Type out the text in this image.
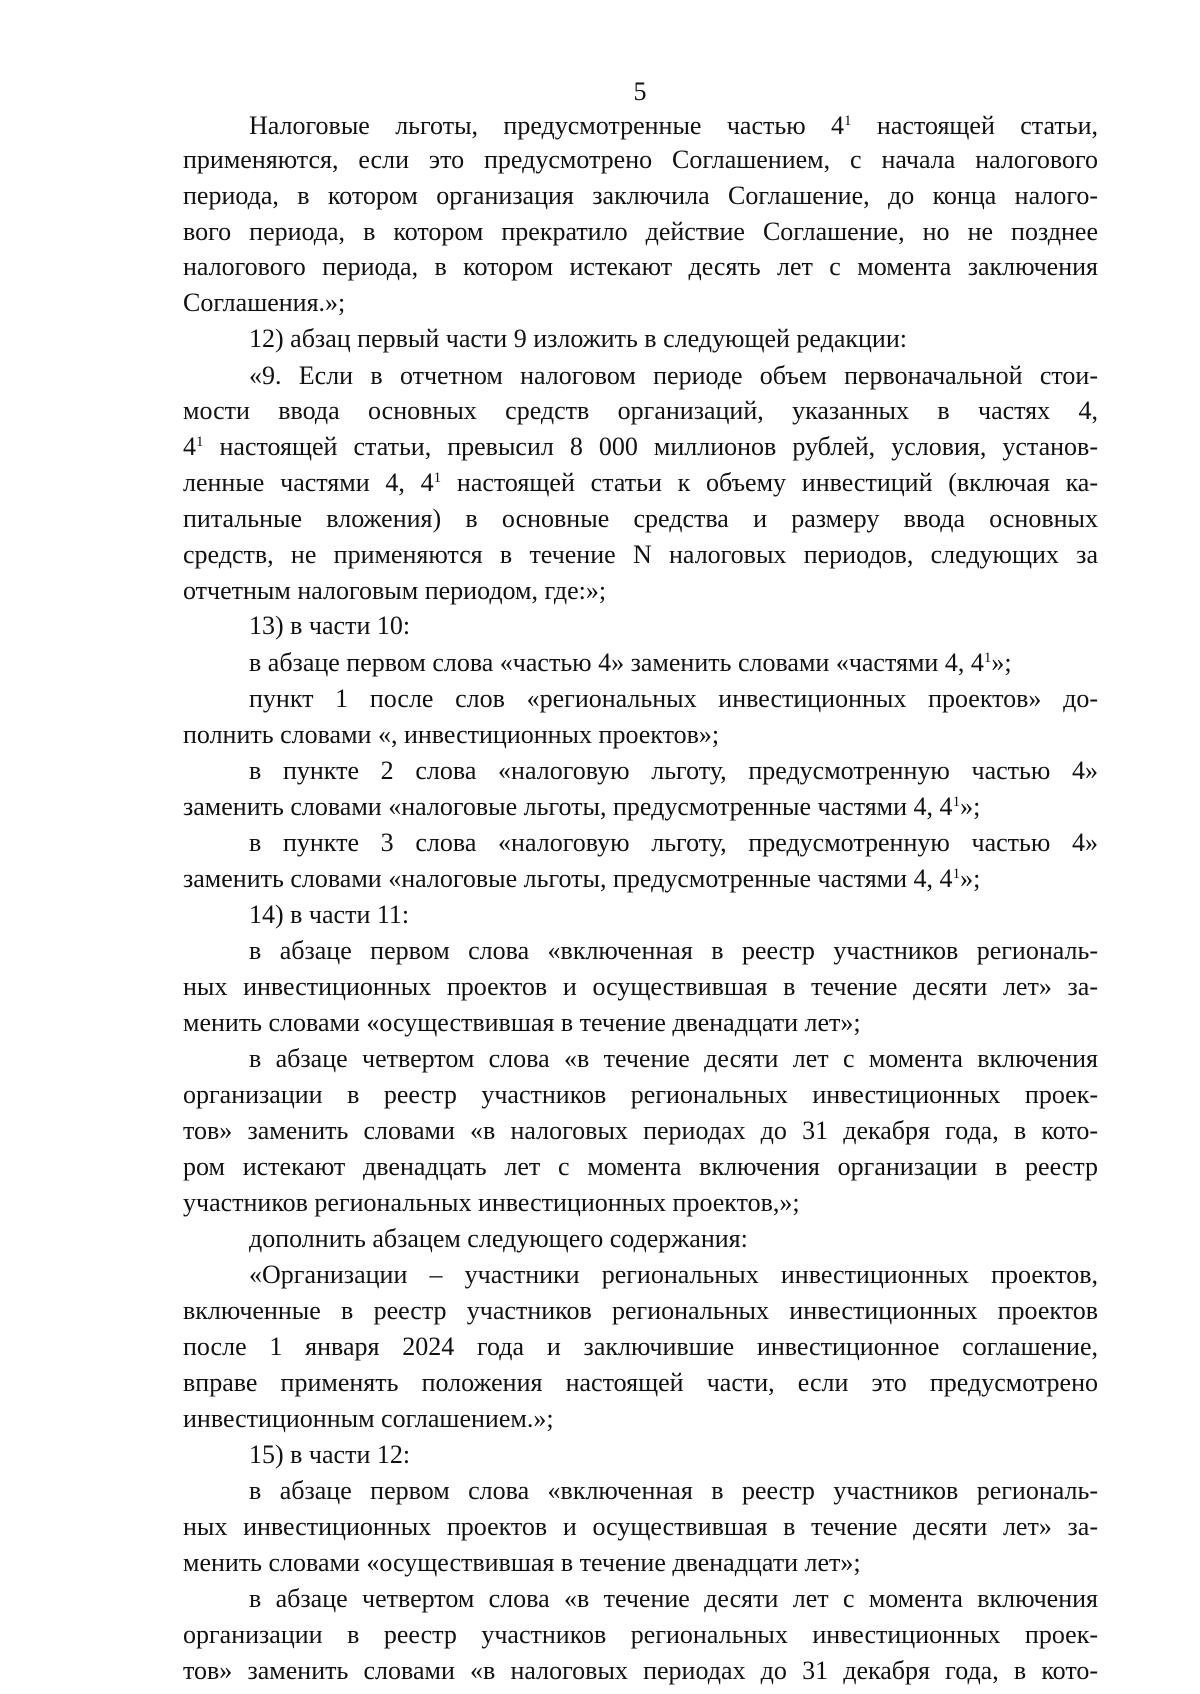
5
Налоговые льготы, предусмотренные частью $4^1$ настоящей статьи,
применяются, если это предусмотрено Соглашением, с начала налогового
периода, в котором организация заключила Соглашение, до конца налого-
вого периода, в котором прекратило действие Соглашение, но не позднее
налогового периода, в котором истекают десять лет с момента заключения
Соглашения.»;
12) абзац первый части 9 изложить в следующей редакции:
«9. Если в отчетном налоговом периоде объем первоначальной стои-
мости ввода основных средств организаций, указанных в частях 4,
$4^1$ настоящей статьи, превысил 8 000 миллионов рублей, условия, установ-
ленные частями 4, $4^1$ настоящей статьи к объему инвестиций (включая ка-
питальные вложения) в основные средства и размеру ввода основных
средств, не применяются в течение N налоговых периодов, следующих за
отчетным налоговым периодом, где:»;
13) в части 10:
в абзаце первом слова «частью 4» заменить словами «частями 4, $4^1$»;
пункт 1 после слов «региональных инвестиционных проектов» до-
полнить словами «, инвестиционных проектов»;
в пункте 2 слова «налоговую льготу, предусмотренную частью 4»
заменить словами «налоговые льготы, предусмотренные частями 4, $4^1$»;
в пункте 3 слова «налоговую льготу, предусмотренную частью 4»
заменить словами «налоговые льготы, предусмотренные частями 4, $4^1$»;
14) в части 11:
в абзаце первом слова «включенная в реестр участников региональ-
ных инвестиционных проектов и осуществившая в течение десяти лет» за-
менить словами «осуществившая в течение двенадцати лет»;
в абзаце четвертом слова «в течение десяти лет с момента включения
организации в реестр участников региональных инвестиционных проек-
тов» заменить словами «в налоговых периодах до 31 декабря года, в кото-
ром истекают двенадцать лет с момента включения организации в реестр
участников региональных инвестиционных проектов,»;
дополнить абзацем следующего содержания:
«Организации – участники региональных инвестиционных проектов,
включенные в реестр участников региональных инвестиционных проектов
после 1 января 2024 года и заключившие инвестиционное соглашение,
вправе применять положения настоящей части, если это предусмотрено
инвестиционным соглашением.»;
15) в части 12:
в абзаце первом слова «включенная в реестр участников региональ-
ных инвестиционных проектов и осуществившая в течение десяти лет» за-
менить словами «осуществившая в течение двенадцати лет»;
в абзаце четвертом слова «в течение десяти лет с момента включения
организации в реестр участников региональных инвестиционных проек-
тов» заменить словами «в налоговых периодах до 31 декабря года, в кото-
